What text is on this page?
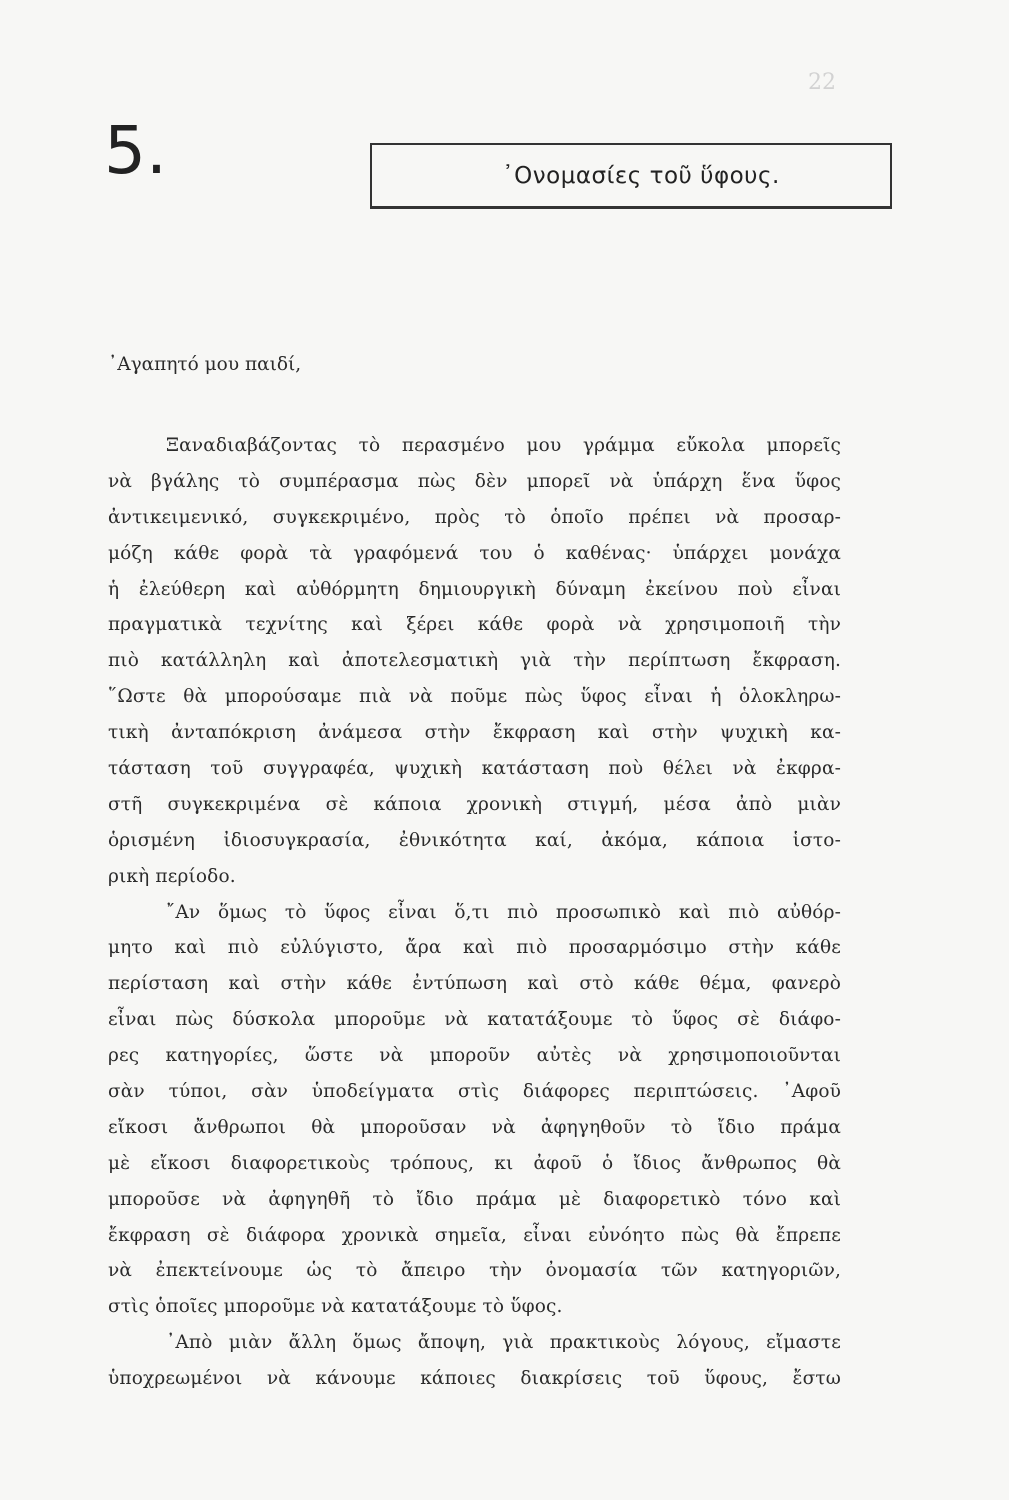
22
5.	᾿Ονομασίες τοῦ ὕφους.

᾿Αγαπητό μου παιδί,

Ξαναδιαβάζοντας τὸ περασμένο μου γράμμα εὔκολα μπορεῖς
νὰ βγάλης τὸ συμπέρασμα πὼς δὲν μπορεῖ νὰ ὑπάρχη ἕνα ὕφος
ἀντικειμενικό, συγκεκριμένο, πρὸς τὸ ὁποῖο πρέπει νὰ προσαρ-
μόζη κάθε φορὰ τὰ γραφόμενά του ὁ καθένας· ὑπάρχει μονάχα
ἡ ἐλεύθερη καὶ αὐθόρμητη δημιουργικὴ δύναμη ἐκείνου ποὺ εἶναι
πραγματικὰ τεχνίτης καὶ ξέρει κάθε φορὰ νὰ χρησιμοποιῆ τὴν
πιὸ κατάλληλη καὶ ἀποτελεσματικὴ γιὰ τὴν περίπτωση ἔκφραση.
῞Ωστε θὰ μπορούσαμε πιὰ νὰ ποῦμε πὼς ὕφος εἶναι ἡ ὁλοκληρω-
τικὴ ἀνταπόκριση ἀνάμεσα στὴν ἔκφραση καὶ στὴν ψυχικὴ κα-
τάσταση τοῦ συγγραφέα, ψυχικὴ κατάσταση ποὺ θέλει νὰ ἐκφρα-
στῆ συγκεκριμένα σὲ κάποια χρονικὴ στιγμή, μέσα ἀπὸ μιὰν
ὁρισμένη ἰδιοσυγκρασία, ἐθνικότητα καί, ἀκόμα, κάποια ἱστο-
ρικὴ περίοδο.
῎Αν ὅμως τὸ ὕφος εἶναι ὅ,τι πιὸ προσωπικὸ καὶ πιὸ αὐθόρ-
μητο καὶ πιὸ εὐλύγιστο, ἄρα καὶ πιὸ προσαρμόσιμο στὴν κάθε
περίσταση καὶ στὴν κάθε ἐντύπωση καὶ στὸ κάθε θέμα, φανερὸ
εἶναι πὼς δύσκολα μποροῦμε νὰ κατατάξουμε τὸ ὕφος σὲ διάφο-
ρες κατηγορίες, ὥστε νὰ μποροῦν αὐτὲς νὰ χρησιμοποιοῦνται
σὰν τύποι, σὰν ὑποδείγματα στὶς διάφορες περιπτώσεις. ᾿Αφοῦ
εἴκοσι ἄνθρωποι θὰ μποροῦσαν νὰ ἀφηγηθοῦν τὸ ἴδιο πράμα
μὲ εἴκοσι διαφορετικοὺς τρόπους, κι ἀφοῦ ὁ ἴδιος ἄνθρωπος θὰ
μποροῦσε νὰ ἀφηγηθῆ τὸ ἴδιο πράμα μὲ διαφορετικὸ τόνο καὶ
ἔκφραση σὲ διάφορα χρονικὰ σημεῖα, εἶναι εὐνόητο πὼς θὰ ἔπρεπε
νὰ ἐπεκτείνουμε ὡς τὸ ἄπειρο τὴν ὀνομασία τῶν κατηγοριῶν,
στὶς ὁποῖες μποροῦμε νὰ κατατάξουμε τὸ ὕφος.
᾿Απὸ μιὰν ἄλλη ὅμως ἄποψη, γιὰ πρακτικοὺς λόγους, εἴμαστε
ὑποχρεωμένοι νὰ κάνουμε κάποιες διακρίσεις τοῦ ὕφους, ἔστω
